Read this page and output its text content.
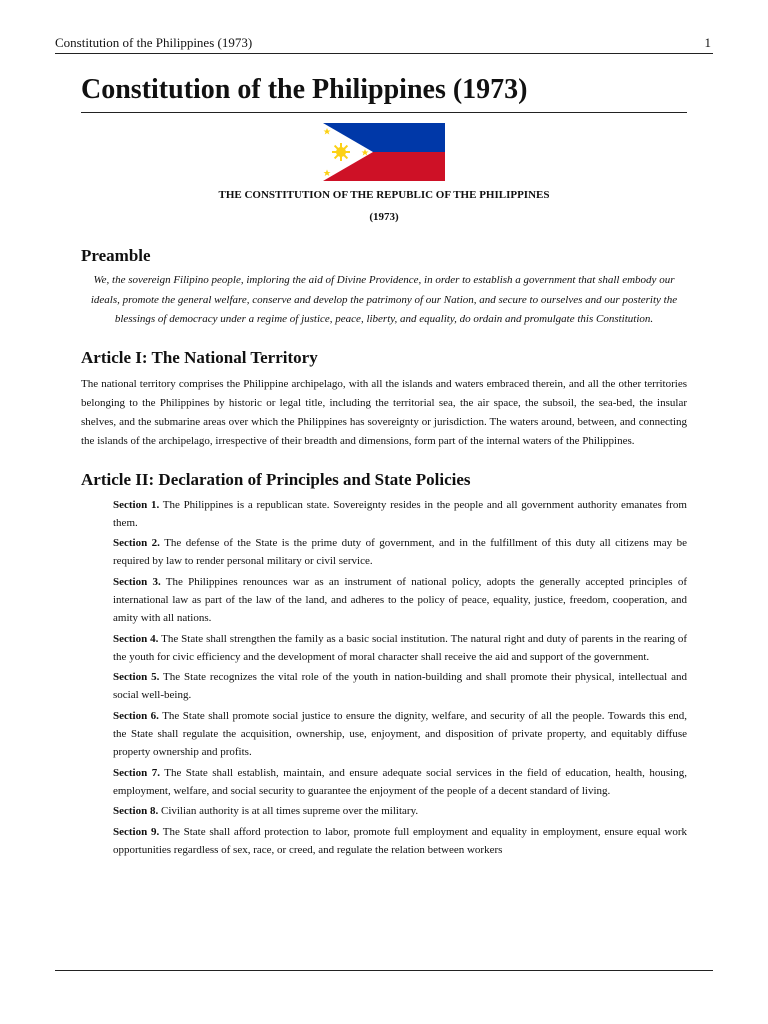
Constitution of the Philippines (1973)	1
Constitution of the Philippines (1973)
THE CONSTITUTION OF THE REPUBLIC OF THE PHILIPPINES
(1973)
Preamble

We, the sovereign Filipino people, imploring the aid of Divine Providence, in order to establish a government that shall embody our ideals, promote the general welfare, conserve and develop the patrimony of our Nation, and secure to ourselves and our posterity the blessings of democracy under a regime of justice, peace, liberty, and equality, do ordain and promulgate this Constitution.

Article I: The National Territory

The national territory comprises the Philippine archipelago, with all the islands and waters embraced therein, and all the other territories belonging to the Philippines by historic or legal title, including the territorial sea, the air space, the subsoil, the sea-bed, the insular shelves, and the submarine areas over which the Philippines has sovereignty or jurisdiction. The waters around, between, and connecting the islands of the archipelago, irrespective of their breadth and dimensions, form part of the internal waters of the Philippines.

Article II: Declaration of Principles and State Policies

Section 1. The Philippines is a republican state. Sovereignty resides in the people and all government authority emanates from them.

Section 2. The defense of the State is the prime duty of government, and in the fulfillment of this duty all citizens may be required by law to render personal military or civil service.

Section 3. The Philippines renounces war as an instrument of national policy, adopts the generally accepted principles of international law as part of the law of the land, and adheres to the policy of peace, equality, justice, freedom, cooperation, and amity with all nations.

Section 4. The State shall strengthen the family as a basic social institution. The natural right and duty of parents in the rearing of the youth for civic efficiency and the development of moral character shall receive the aid and support of the government.

Section 5. The State recognizes the vital role of the youth in nation-building and shall promote their physical, intellectual and social well-being.

Section 6. The State shall promote social justice to ensure the dignity, welfare, and security of all the people. Towards this end, the State shall regulate the acquisition, ownership, use, enjoyment, and disposition of private property, and equitably diffuse property ownership and profits.

Section 7. The State shall establish, maintain, and ensure adequate social services in the field of education, health, housing, employment, welfare, and social security to guarantee the enjoyment of the people of a decent standard of living.

Section 8. Civilian authority is at all times supreme over the military.

Section 9. The State shall afford protection to labor, promote full employment and equality in employment, ensure equal work opportunities regardless of sex, race, or creed, and regulate the relation between workers
